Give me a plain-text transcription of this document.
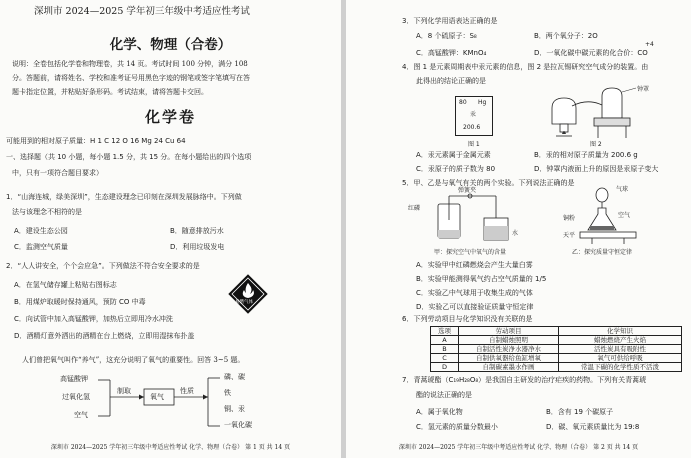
深圳市 2024—2025 学年初三年级中考适应性考试
化学、物理（合卷）
说明：全卷包括化学卷和物理卷，共 14 页。考试时间 100 分钟，满分 108
分。答题前，请将姓名、学校和准考证号用黑色字迹的钢笔或签字笔填写在答
题卡指定位置，并粘贴好条形码。考试结束，请将答题卡交回。
化学卷
可能用到的相对原子质量：H 1 C 12 O 16 Mg 24 Cu 64
一、选择题（共 10 小题，每小题 1.5 分，共 15 分。在每小题给出的四个选项
中，只有一项符合题目要求）
1．“山海连城，绿美深圳”，生态建设理念已印刻在深圳发展脉络中。下列做
法与该理念不相符的是
A．建设生态公园	B．随意排放污水
C．监测空气质量	D．利用垃圾发电
2．“人人讲安全，个个会应急”。下列做法不符合安全要求的是
A．在氢气储存罐上粘贴右图标志
B．用煤炉取暖时保持通风，预防 CO 中毒
C．向试管中加入高锰酸钾，加热后立即用冷水冲洗
D．酒精灯意外洒出的酒精在台上燃烧，立即用湿抹布扑盖
易燃气体
人们曾把氧气叫作“养气”，这充分说明了氧气的重要性。回答 3~5 题。
高锰酸钾
过氧化氢
空气
制取
氧气
性质
磷、碳
铁
铜、汞
一氧化碳
深圳市 2024—2025 学年初三年级中考适应性考试 化学、物理（合卷） 第 1 页 共 14 页
3．下列化学用语表达正确的是
A．8 个硫原子：S₈	B．两个氧分子：2O
C．高锰酸钾：KMnO₄	D．一氧化碳中碳元素的化合价：CO
+4
4．图 1 是元素周期表中汞元素的信息，图 2 是拉瓦锡研究空气成分的装置。由
此得出的结论正确的是
80 Hg
汞
200.6
图 1
钟罩
图 2
A．汞元素属于金属元素	B．汞的相对原子质量为 200.6 g
C．汞原子的质子数为 80	D．钟罩内液面上升的原因是汞原子变大
5．甲、乙是与氧气有关的两个实验。下列说法正确的是
红磷
弹簧夹
水
气球
铜粉	空气
天平
甲：探究空气中氧气的含量	乙：探究质量守恒定律
A．实验甲中红磷燃烧会产生大量白雾
B．实验甲能测得氧气约占空气质量的 1/5
C．实验乙中气球用于收集生成的气体
D．实验乙可以直接验证质量守恒定律
6．下列劳动项目与化学知识没有关联的是
选项	劳动项目	化学知识
A	自制蜡烛照明	蜡烛燃烧产生火焰
B	自制活性炭净水器净水	活性炭具有吸附性
C	自制供氧器给鱼缸增氧	氧气可供给呼吸
D	自制碳素墨水作画	常温下碳的化学性质不活泼
7．青蒿琥酯（C₁₉H₂₈O₈）是我国自主研发的治疗疟疾的药物。下列有关青蒿琥
酯的说法正确的是
A．属于氧化物	B．含有 19 个碳原子
C．氢元素的质量分数最小	D．碳、氧元素质量比为 19:8
深圳市 2024—2025 学年初三年级中考适应性考试 化学、物理（合卷） 第 2 页 共 14 页
